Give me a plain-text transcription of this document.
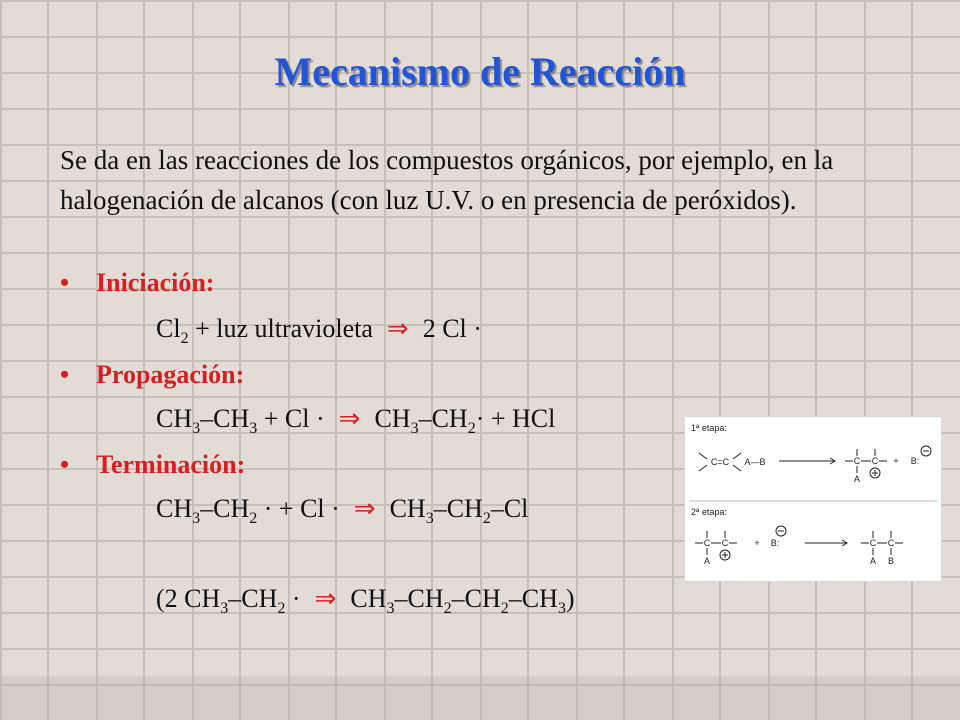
Mecanismo de Reacción

Se da en las reacciones de los compuestos orgánicos, por ejemplo, en la halogenación de alcanos (con luz U.V. o en presencia de peróxidos).

• Iniciación:
$Cl_2$ + luz ultravioleta ⇒ 2 Cl ·
• Propagación:
$CH_3-CH_3 + Cl$ · ⇒ $CH_3-CH_2\cdot$ + HCl
• Terminación:
$CH_3-CH_2$ · + Cl · ⇒ $CH_3-CH_2-Cl$
(2 $CH_3-CH_2$ · ⇒ $CH_3-CH_2-CH_2-CH_3$)
1ª etapa:
2ª etapa:
C=C A—B	C C
A
+ B:
C C
A
+ B:	C C
A B
